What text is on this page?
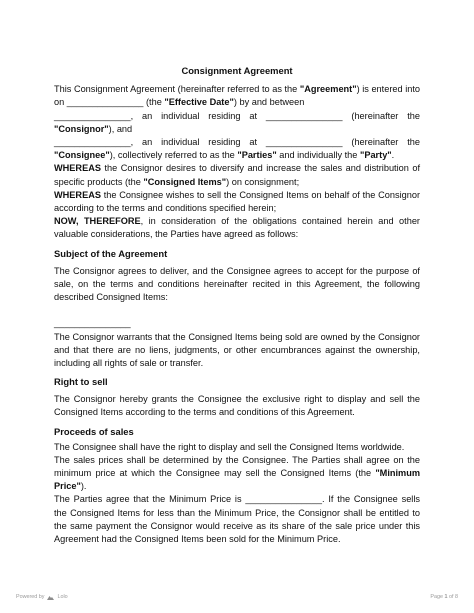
Consignment Agreement

This Consignment Agreement (hereinafter referred to as the "Agreement") is entered into on _______________ (the "Effective Date") by and between

_______________, an individual residing at _______________ (hereinafter the "Consignor"), and

_______________, an individual residing at _______________ (hereinafter the "Consignee"), collectively referred to as the "Parties" and individually the "Party".

WHEREAS the Consignor desires to diversify and increase the sales and distribution of specific products (the "Consigned Items") on consignment;

WHEREAS the Consignee wishes to sell the Consigned Items on behalf of the Consignor according to the terms and conditions specified herein;

NOW, THEREFORE, in consideration of the obligations contained herein and other valuable considerations, the Parties have agreed as follows:

Subject of the Agreement

The Consignor agrees to deliver, and the Consignee agrees to accept for the purpose of sale, on the terms and conditions hereinafter recited in this Agreement, the following described Consigned Items:

_______________

The Consignor warrants that the Consigned Items being sold are owned by the Consignor and that there are no liens, judgments, or other encumbrances against the ownership, including all rights of sale or transfer.

Right to sell

The Consignor hereby grants the Consignee the exclusive right to display and sell the Consigned Items according to the terms and conditions of this Agreement.

Proceeds of sales

The Consignee shall have the right to display and sell the Consigned Items worldwide.

The sales prices shall be determined by the Consignee. The Parties shall agree on the minimum price at which the Consignee may sell the Consigned Items (the "Minimum Price").

The Parties agree that the Minimum Price is _______________. If the Consignee sells the Consigned Items for less than the Minimum Price, the Consignor shall be entitled to the same payment the Consignor would receive as its share of the sale price under this Agreement had the Consigned Items been sold for the Minimum Price.

Powered by Lolo	Page 1 of 8
